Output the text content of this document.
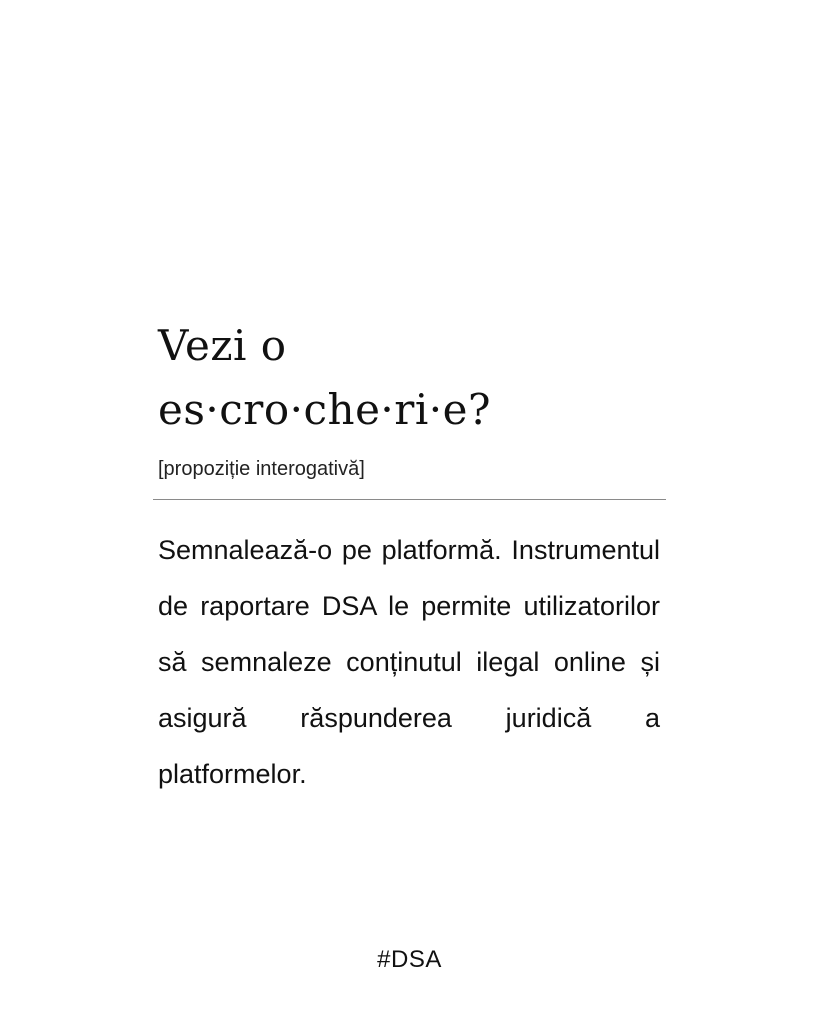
Vezi o
es·cro·che·ri·e?

[propoziție interogativă]

Semnalează-o pe platformă. Instrumentul de raportare DSA le permite utilizatorilor să semnaleze conținutul ilegal online și asigură răspunderea juridică a platformelor.

#DSA
